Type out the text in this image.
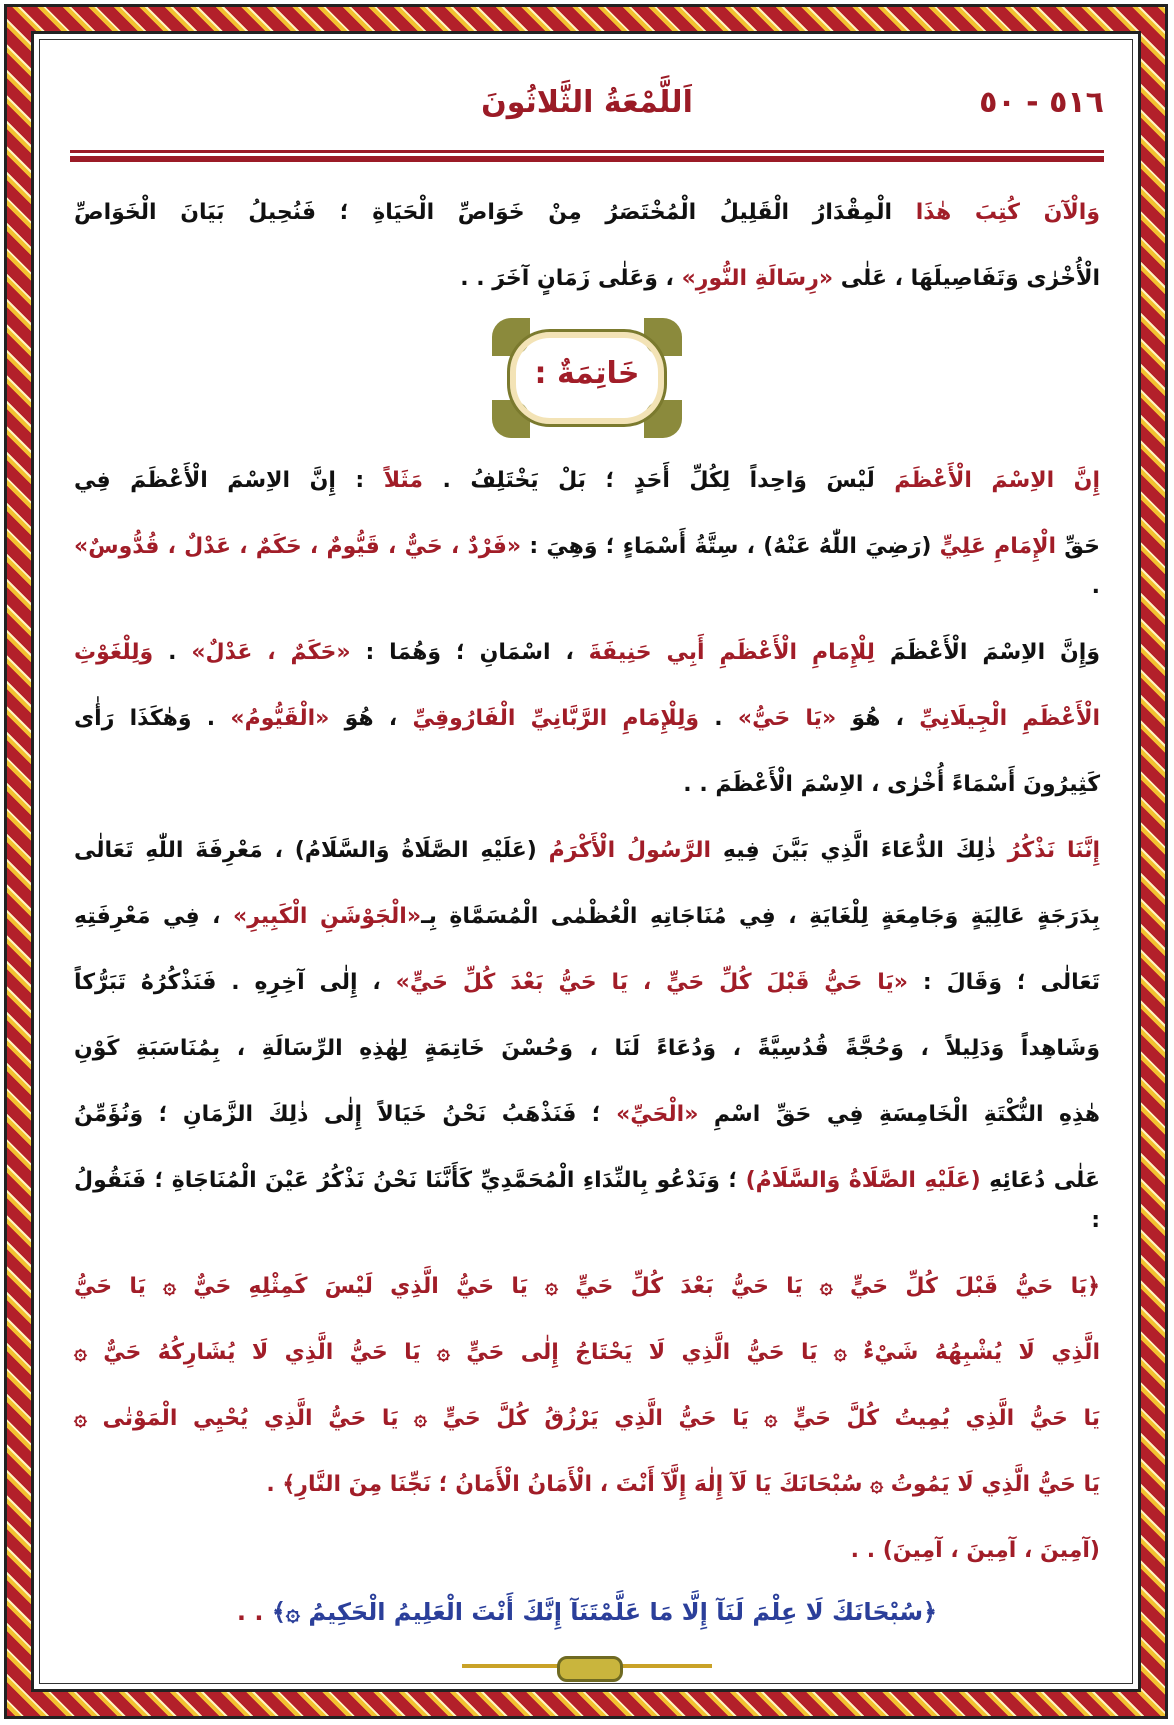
٥١٦ - ٥٠
اَللَّمْعَةُ الثَّلاثُونَ
وَالْآنَ كُتِبَ هٰذَا الْمِقْدَارُ الْقَلِيلُ الْمُخْتَصَرُ مِنْ خَوَاصِّ الْحَيَاةِ ؛ فَنُحِيلُ بَيَانَ الْخَوَاصِّ
الْأُخْرٰى وَتَفَاصِيلَهَا ، عَلٰى «رِسَالَةِ النُّورِ» ، وَعَلٰى زَمَانٍ آخَرَ . .
خَاتِمَةٌ :
إِنَّ الاِسْمَ الْأَعْظَمَ لَيْسَ وَاحِداً لِكُلِّ أَحَدٍ ؛ بَلْ يَخْتَلِفُ . مَثَلاً : إِنَّ الاِسْمَ الْأَعْظَمَ فِي
حَقِّ الْإِمَامِ عَلِيٍّ (رَضِيَ اللّٰهُ عَنْهُ) ، سِتَّةُ أَسْمَاءٍ ؛ وَهِيَ : «فَرْدٌ ، حَيٌّ ، قَيُّومٌ ، حَكَمٌ ، عَدْلٌ ، قُدُّوسٌ» .
وَإِنَّ الاِسْمَ الْأَعْظَمَ لِلْإِمَامِ الْأَعْظَمِ أَبِي حَنِيفَةَ ، اسْمَانِ ؛ وَهُمَا : «حَكَمٌ ، عَدْلٌ» . وَلِلْغَوْثِ
الْأَعْظَمِ الْجِيلَانِيِّ ، هُوَ «يَا حَيُّ» . وَلِلْإِمَامِ الرَّبَّانِيِّ الْفَارُوقِيِّ ، هُوَ «الْقَيُّومُ» . وَهٰكَذَا رَأٰى
كَثِيرُونَ أَسْمَاءً أُخْرٰى ، الاِسْمَ الْأَعْظَمَ . .
إِنَّنَا نَذْكُرُ ذٰلِكَ الدُّعَاءَ الَّذِي بَيَّنَ فِيهِ الرَّسُولُ الْأَكْرَمُ (عَلَيْهِ الصَّلَاةُ وَالسَّلَامُ) ، مَعْرِفَةَ اللّٰهِ تَعَالٰى
بِدَرَجَةٍ عَالِيَةٍ وَجَامِعَةٍ لِلْغَايَةِ ، فِي مُنَاجَاتِهِ الْعُظْمٰى الْمُسَمَّاةِ بِـ«الْجَوْشَنِ الْكَبِيرِ» ، فِي مَعْرِفَتِهِ
تَعَالٰى ؛ وَقَالَ : «يَا حَيُّ قَبْلَ كُلِّ حَيٍّ ، يَا حَيُّ بَعْدَ كُلِّ حَيٍّ» ، إِلٰى آخِرِهِ . فَنَذْكُرُهُ تَبَرُّكاً
وَشَاهِداً وَدَلِيلاً ، وَحُجَّةً قُدُسِيَّةً ، وَدُعَاءً لَنَا ، وَحُسْنَ خَاتِمَةٍ لِهٰذِهِ الرِّسَالَةِ ، بِمُنَاسَبَةِ كَوْنِ
هٰذِهِ النُّكْتَةِ الْخَامِسَةِ فِي حَقِّ اسْمِ «الْحَيِّ» ؛ فَنَذْهَبُ نَحْنُ خَيَالاً إِلٰى ذٰلِكَ الزَّمَانِ ؛ وَنُؤَمِّنُ
عَلٰى دُعَائِهِ (عَلَيْهِ الصَّلَاةُ وَالسَّلَامُ) ؛ وَنَدْعُو بِالنِّدَاءِ الْمُحَمَّدِيِّ كَأَنَّنَا نَحْنُ نَذْكُرُ عَيْنَ الْمُنَاجَاةِ ؛ فَنَقُولُ :
﴿يَا حَيُّ قَبْلَ كُلِّ حَيٍّ ۞ يَا حَيُّ بَعْدَ كُلِّ حَيٍّ ۞ يَا حَيُّ الَّذِي لَيْسَ كَمِثْلِهِ حَيٌّ ۞ يَا حَيُّ
الَّذِي لَا يُشْبِهُهُ شَيْءٌ ۞ يَا حَيُّ الَّذِي لَا يَحْتَاجُ إِلٰى حَيٍّ ۞ يَا حَيُّ الَّذِي لَا يُشَارِكُهُ حَيٌّ ۞
يَا حَيُّ الَّذِي يُمِيتُ كُلَّ حَيٍّ ۞ يَا حَيُّ الَّذِي يَرْزُقُ كُلَّ حَيٍّ ۞ يَا حَيُّ الَّذِي يُحْيِي الْمَوْتٰى ۞
يَا حَيُّ الَّذِي لَا يَمُوتُ ۞ سُبْحَانَكَ يَا لَآ إِلٰهَ إِلَّآ أَنْتَ ، الْأَمَانُ الْأَمَانُ ؛ نَجِّنَا مِنَ النَّارِ﴾ .
(آمِينَ ، آمِينَ ، آمِينَ) . .
﴿سُبْحَانَكَ لَا عِلْمَ لَنَآ إِلَّا مَا عَلَّمْتَنَآ إِنَّكَ أَنْتَ الْعَلِيمُ الْحَكِيمُ ۞﴾ . .
